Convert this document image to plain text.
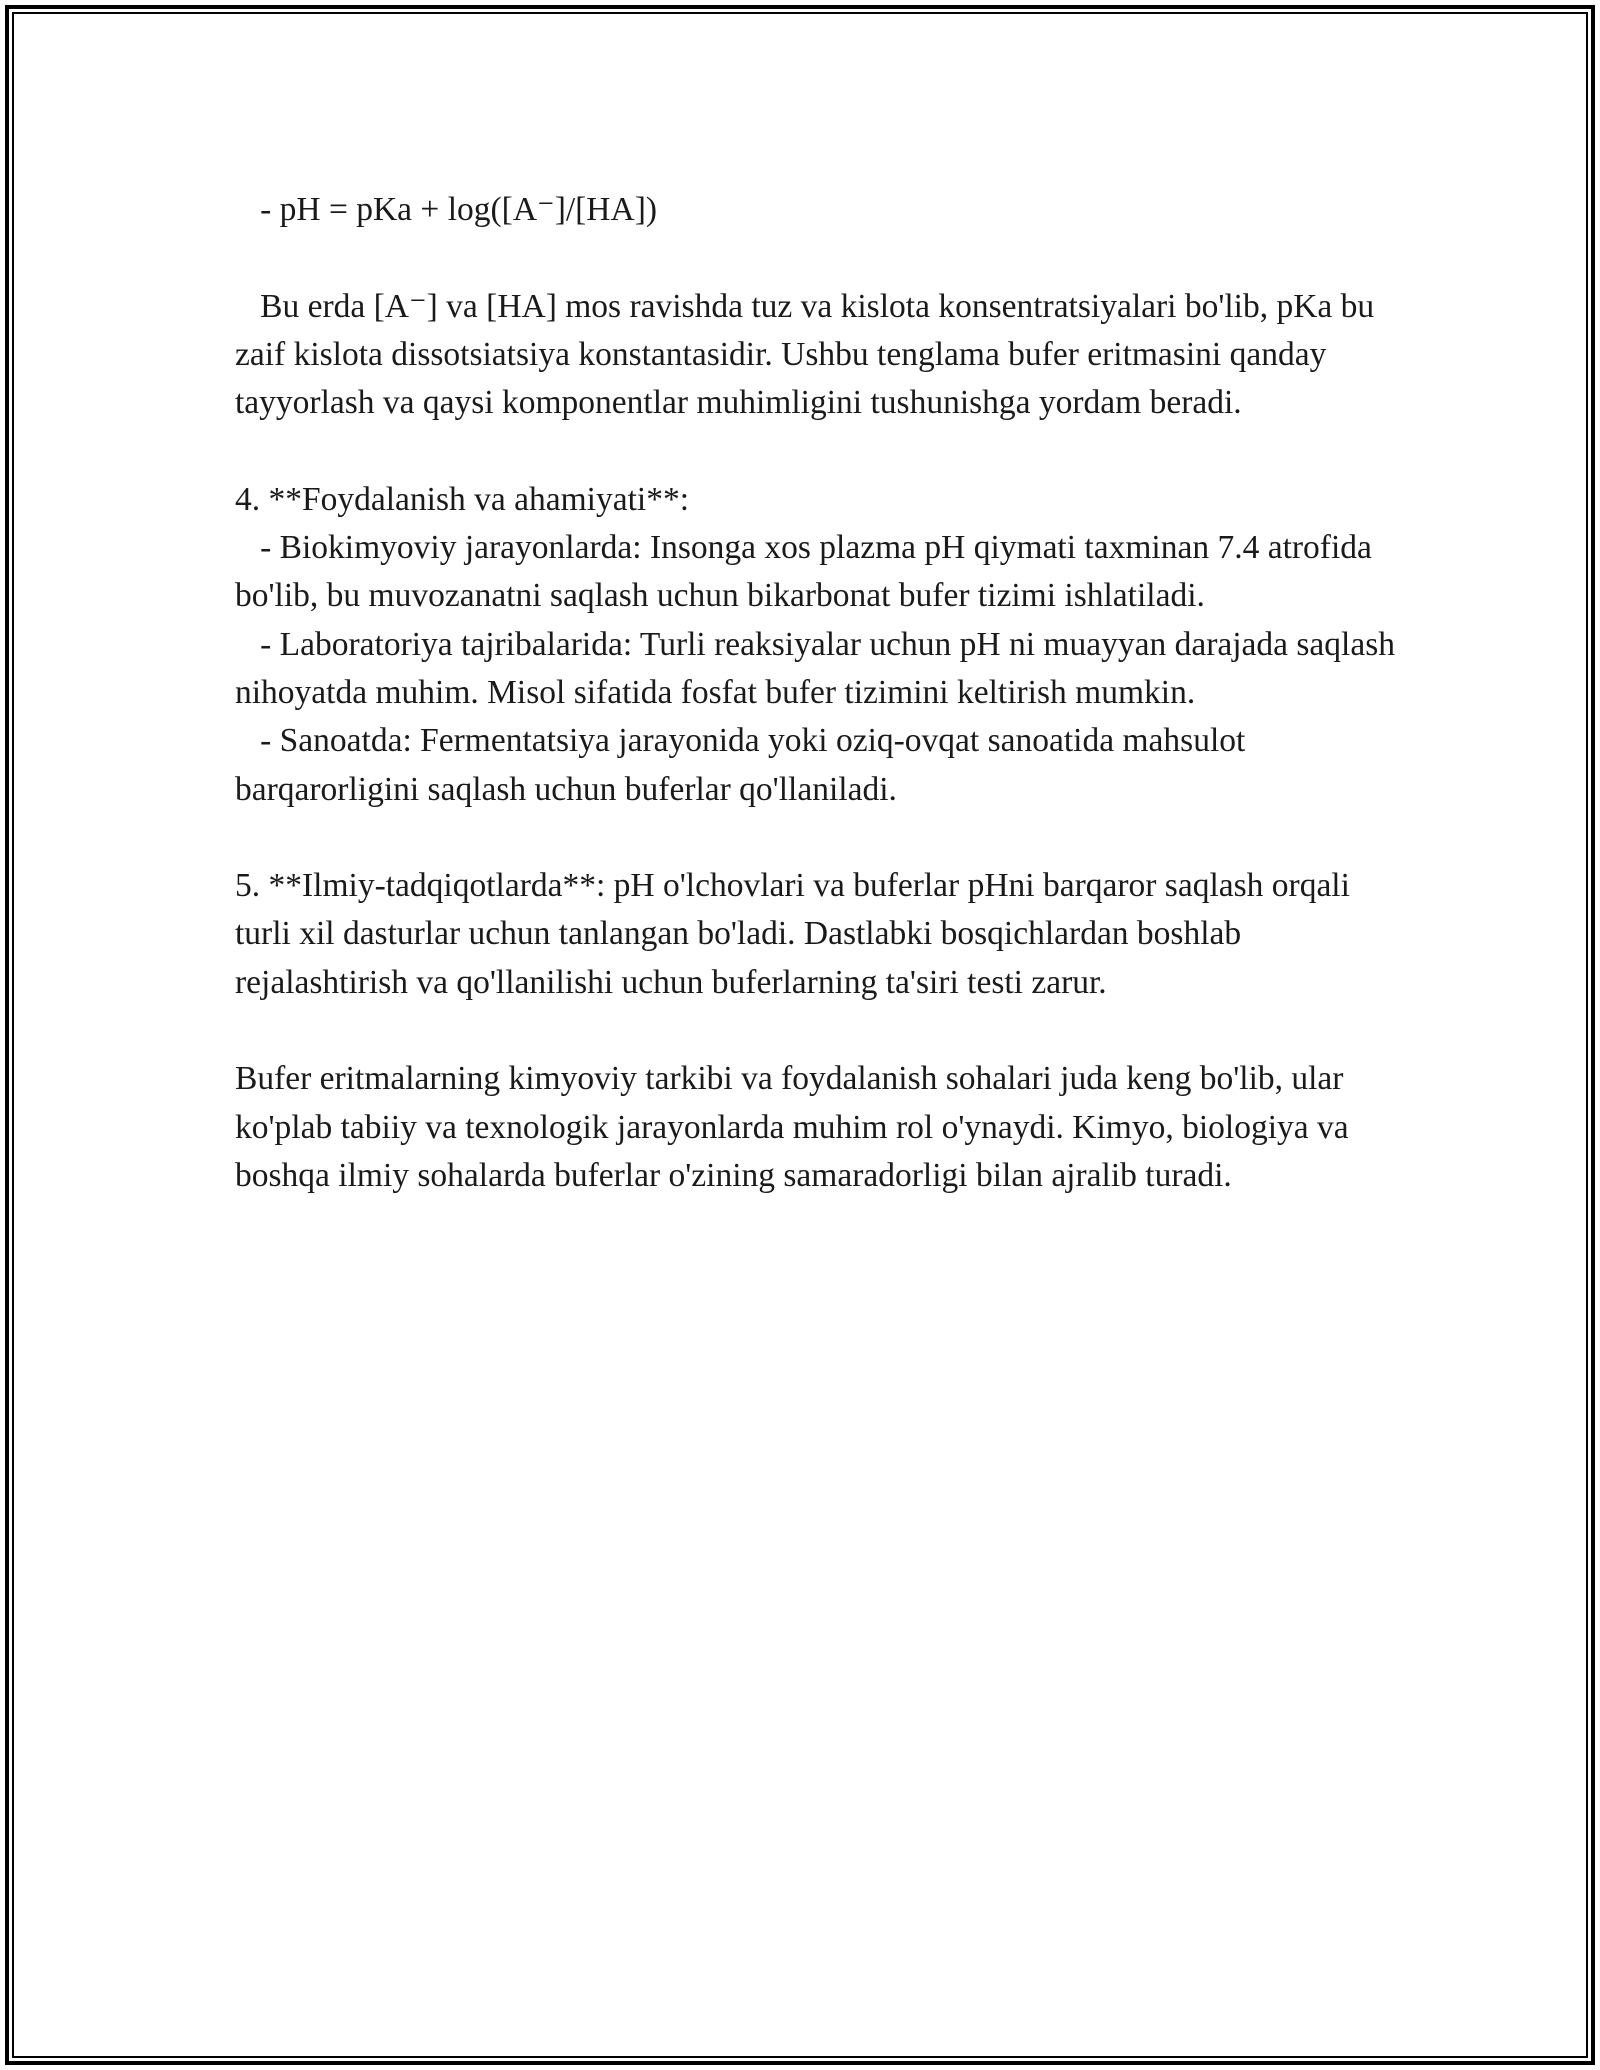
- pH = pKa + log([A⁻]/[HA])

Bu erda [A⁻] va [HA] mos ravishda tuz va kislota konsentratsiyalari bo'lib, pKa bu zaif kislota dissotsiatsiya konstantasidir. Ushbu tenglama bufer eritmasini qanday tayyorlash va qaysi komponentlar muhimligini tushunishga yordam beradi.

4. **Foydalanish va ahamiyati**:

- Biokimyoviy jarayonlarda: Insonga xos plazma pH qiymati taxminan 7.4 atrofida bo'lib, bu muvozanatni saqlash uchun bikarbonat bufer tizimi ishlatiladi.

- Laboratoriya tajribalarida: Turli reaksiyalar uchun pH ni muayyan darajada saqlash nihoyatda muhim. Misol sifatida fosfat bufer tizimini keltirish mumkin.

- Sanoatda: Fermentatsiya jarayonida yoki oziq-ovqat sanoatida mahsulot barqarorligini saqlash uchun buferlar qo'llaniladi.

5. **Ilmiy-tadqiqotlarda**: pH o'lchovlari va buferlar pHni barqaror saqlash orqali turli xil dasturlar uchun tanlangan bo'ladi. Dastlabki bosqichlardan boshlab rejalashtirish va qo'llanilishi uchun buferlarning ta'siri testi zarur.

Bufer eritmalarning kimyoviy tarkibi va foydalanish sohalari juda keng bo'lib, ular ko'plab tabiiy va texnologik jarayonlarda muhim rol o'ynaydi. Kimyo, biologiya va boshqa ilmiy sohalarda buferlar o'zining samaradorligi bilan ajralib turadi.
